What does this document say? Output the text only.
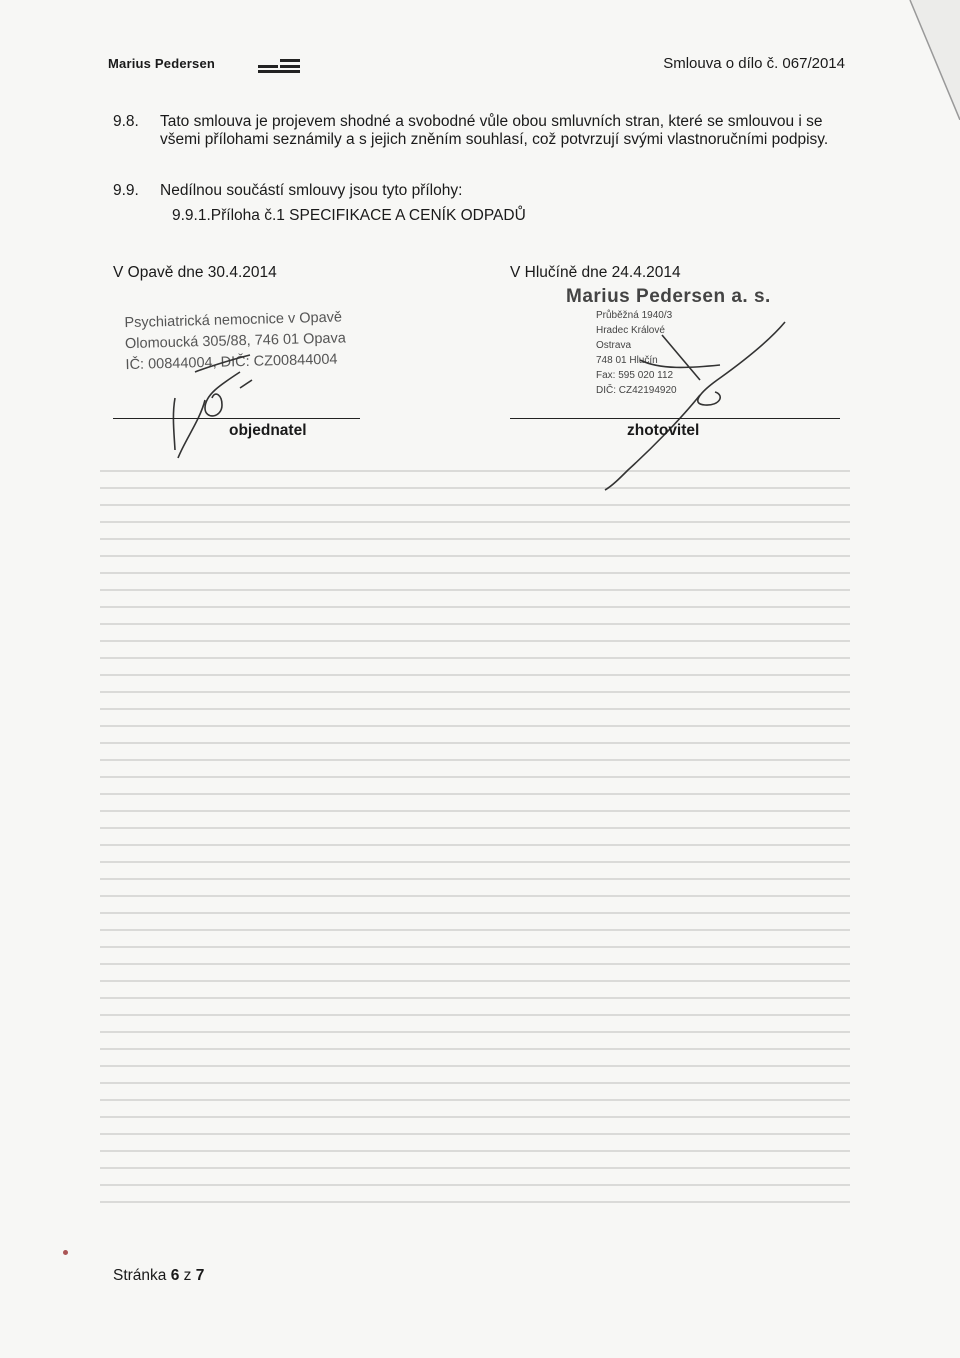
Marius Pedersen	Smlouva o dílo č. 067/2014
9.8. Tato smlouva je projevem shodné a svobodné vůle obou smluvních stran, které se smlouvou i se všemi přílohami seznámily a s jejich zněním souhlasí, což potvrzují svými vlastnoručními podpisy.
9.9. Nedílnou součástí smlouvy jsou tyto přílohy:
9.9.1.Příloha č.1 SPECIFIKACE A CENÍK ODPADŮ
V Opavě dne 30.4.2014	V Hlučíně dne 24.4.2014
Psychiatrická nemocnice v Opavě
Olomoucká 305/88, 746 01 Opava
IČ: 00844004, DIČ: CZ00844004
Marius Pedersen a. s.
Průběžná 1940/3
Hradec Králové
Ostrava
748 01 Hlučín
Fax: 595 020 112
DIČ: CZ42194920
objednatel	zhotovitel
Stránka 6 z 7
